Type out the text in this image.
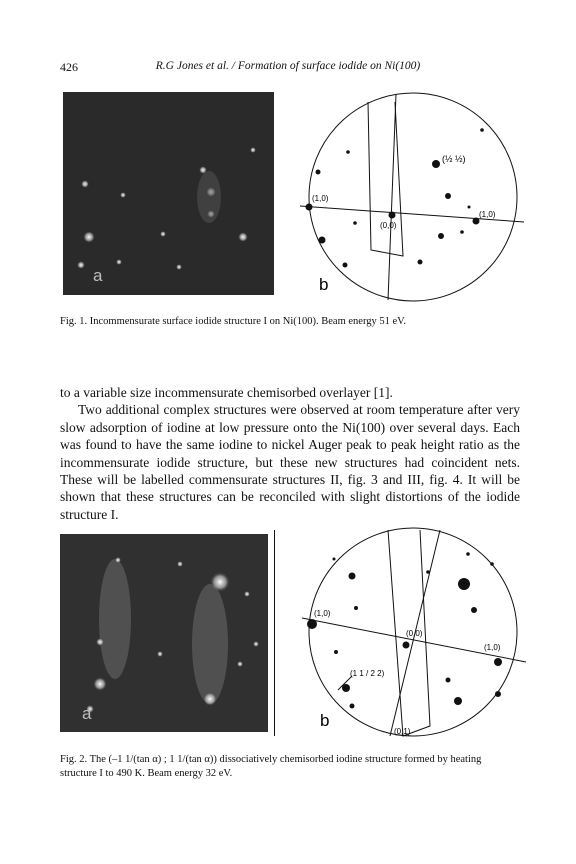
426	R.G Jones et al. / Formation of surface iodide on Ni(100)
a
(1,0)
(0,0)
(1,0)
(½ ½)
b
Fig. 1. Incommensurate surface iodide structure I on Ni(100). Beam energy 51 eV.

to a variable size incommensurate chemisorbed overlayer [1].

Two additional complex structures were observed at room temperature after very slow adsorption of iodine at low pressure onto the Ni(100) over several days. Each was found to have the same iodine to nickel Auger peak to peak height ratio as the incommensurate iodide structure, but these new structures had coincident nets. These will be labelled commensurate structures II, fig. 3 and III, fig. 4. It will be shown that these structures can be reconciled with slight distortions of the iodide structure I.

a
(1,0)
(0,0)
(1,0)
(1 1 / 2 2)
(0,1)
b
Fig. 2. The (–1 1/(tan α) ; 1 1/(tan α)) dissociatively chemisorbed iodine structure formed by heating structure I to 490 K. Beam energy 32 eV.
